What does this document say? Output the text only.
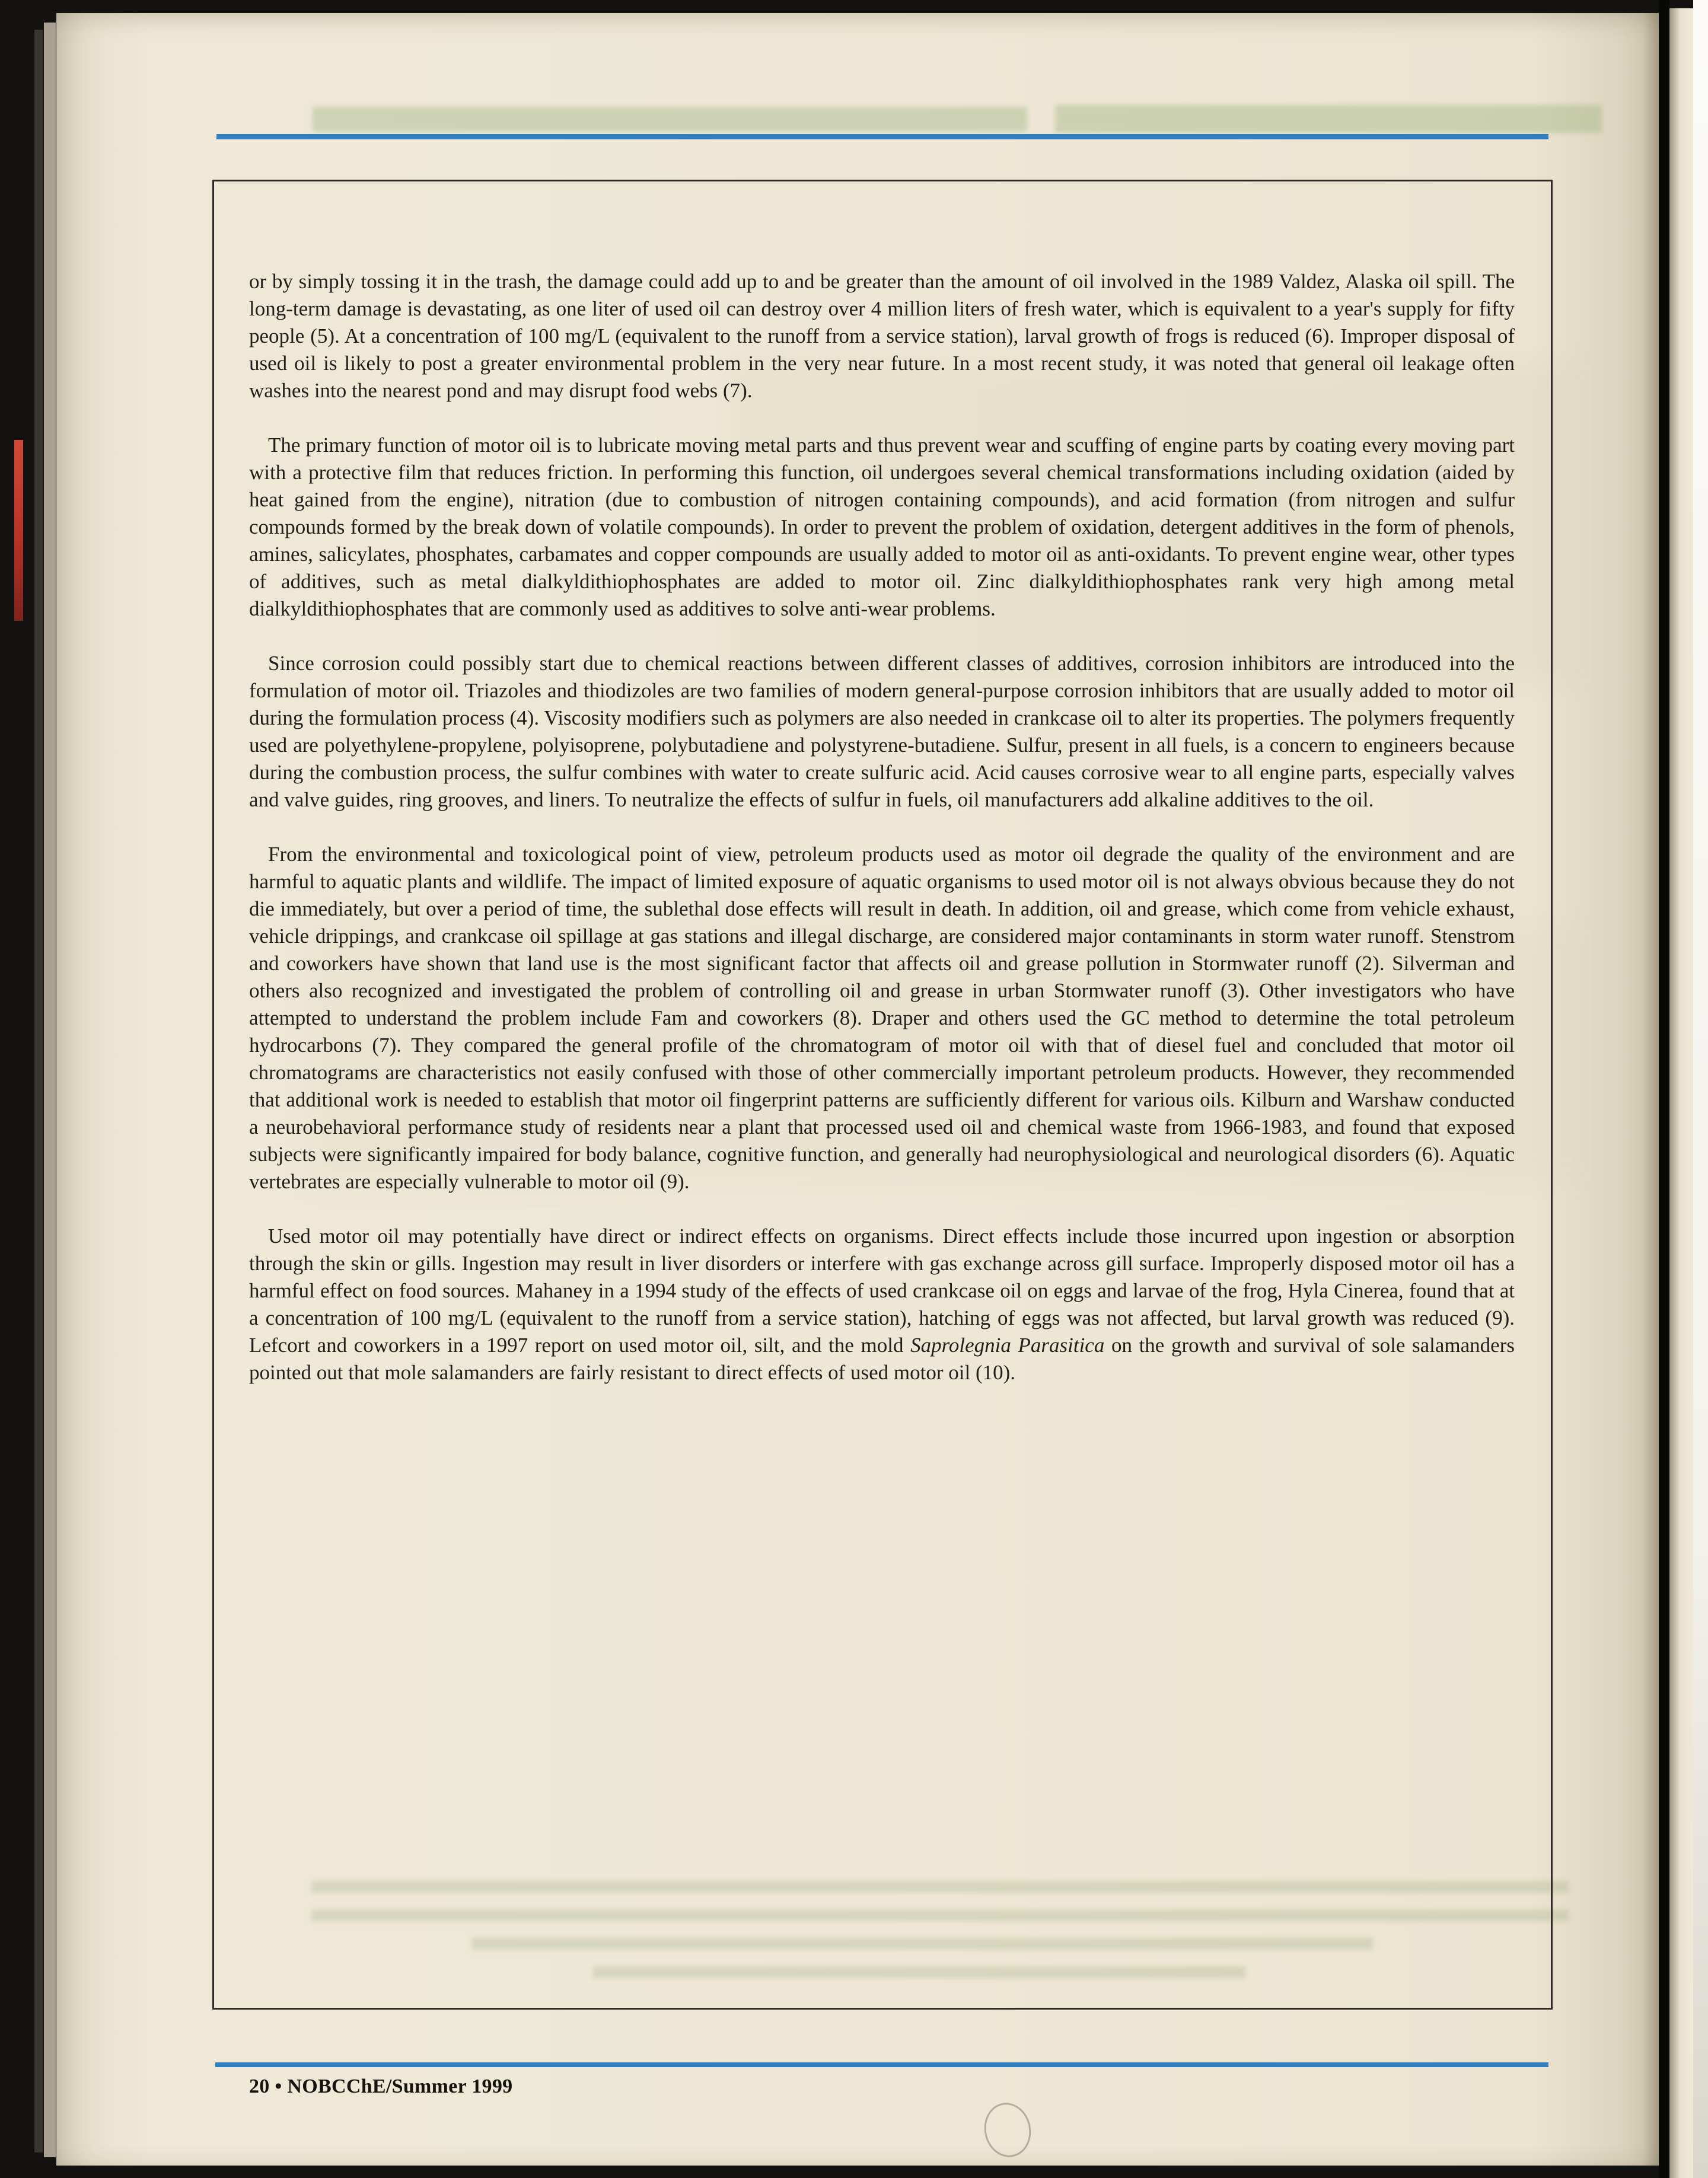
or by simply tossing it in the trash, the damage could add up to and be greater than the amount of oil involved in the 1989 Valdez, Alaska oil spill. The long-term damage is devastating, as one liter of used oil can destroy over 4 million liters of fresh water, which is equivalent to a year's supply for fifty people (5). At a concentration of 100 mg/L (equivalent to the runoff from a service station), larval growth of frogs is reduced (6). Improper disposal of used oil is likely to post a greater environmental problem in the very near future. In a most recent study, it was noted that general oil leakage often washes into the nearest pond and may disrupt food webs (7).

The primary function of motor oil is to lubricate moving metal parts and thus prevent wear and scuffing of engine parts by coating every moving part with a protective film that reduces friction. In performing this function, oil undergoes several chemical transformations including oxidation (aided by heat gained from the engine), nitration (due to combustion of nitrogen containing compounds), and acid formation (from nitrogen and sulfur compounds formed by the break down of volatile compounds). In order to prevent the problem of oxidation, detergent additives in the form of phenols, amines, salicylates, phosphates, carbamates and copper compounds are usually added to motor oil as anti-oxidants. To prevent engine wear, other types of additives, such as metal dialkyldithiophosphates are added to motor oil. Zinc dialkyldithiophosphates rank very high among metal dialkyldithiophosphates that are commonly used as additives to solve anti-wear problems.

Since corrosion could possibly start due to chemical reactions between different classes of additives, corrosion inhibitors are introduced into the formulation of motor oil. Triazoles and thiodizoles are two families of modern general-purpose corrosion inhibitors that are usually added to motor oil during the formulation process (4). Viscosity modifiers such as polymers are also needed in crankcase oil to alter its properties. The polymers frequently used are polyethylene-propylene, polyisoprene, polybutadiene and polystyrene-butadiene. Sulfur, present in all fuels, is a concern to engineers because during the combustion process, the sulfur combines with water to create sulfuric acid. Acid causes corrosive wear to all engine parts, especially valves and valve guides, ring grooves, and liners. To neutralize the effects of sulfur in fuels, oil manufacturers add alkaline additives to the oil.

From the environmental and toxicological point of view, petroleum products used as motor oil degrade the quality of the environment and are harmful to aquatic plants and wildlife. The impact of limited exposure of aquatic organisms to used motor oil is not always obvious because they do not die immediately, but over a period of time, the sublethal dose effects will result in death. In addition, oil and grease, which come from vehicle exhaust, vehicle drippings, and crankcase oil spillage at gas stations and illegal discharge, are considered major contaminants in storm water runoff. Stenstrom and coworkers have shown that land use is the most significant factor that affects oil and grease pollution in Stormwater runoff (2). Silverman and others also recognized and investigated the problem of controlling oil and grease in urban Stormwater runoff (3). Other investigators who have attempted to understand the problem include Fam and coworkers (8). Draper and others used the GC method to determine the total petroleum hydrocarbons (7). They compared the general profile of the chromatogram of motor oil with that of diesel fuel and concluded that motor oil chromatograms are characteristics not easily confused with those of other commercially important petroleum products. However, they recommended that additional work is needed to establish that motor oil fingerprint patterns are sufficiently different for various oils. Kilburn and Warshaw conducted a neurobehavioral performance study of residents near a plant that processed used oil and chemical waste from 1966-1983, and found that exposed subjects were significantly impaired for body balance, cognitive function, and generally had neurophysiological and neurological disorders (6). Aquatic vertebrates are especially vulnerable to motor oil (9).

Used motor oil may potentially have direct or indirect effects on organisms. Direct effects include those incurred upon ingestion or absorption through the skin or gills. Ingestion may result in liver disorders or interfere with gas exchange across gill surface. Improperly disposed motor oil has a harmful effect on food sources. Mahaney in a 1994 study of the effects of used crankcase oil on eggs and larvae of the frog, Hyla Cinerea, found that at a concentration of 100 mg/L (equivalent to the runoff from a service station), hatching of eggs was not affected, but larval growth was reduced (9). Lefcort and coworkers in a 1997 report on used motor oil, silt, and the mold Saprolegnia Parasitica on the growth and survival of sole salamanders pointed out that mole salamanders are fairly resistant to direct effects of used motor oil (10).

20 • NOBCChE/Summer 1999
